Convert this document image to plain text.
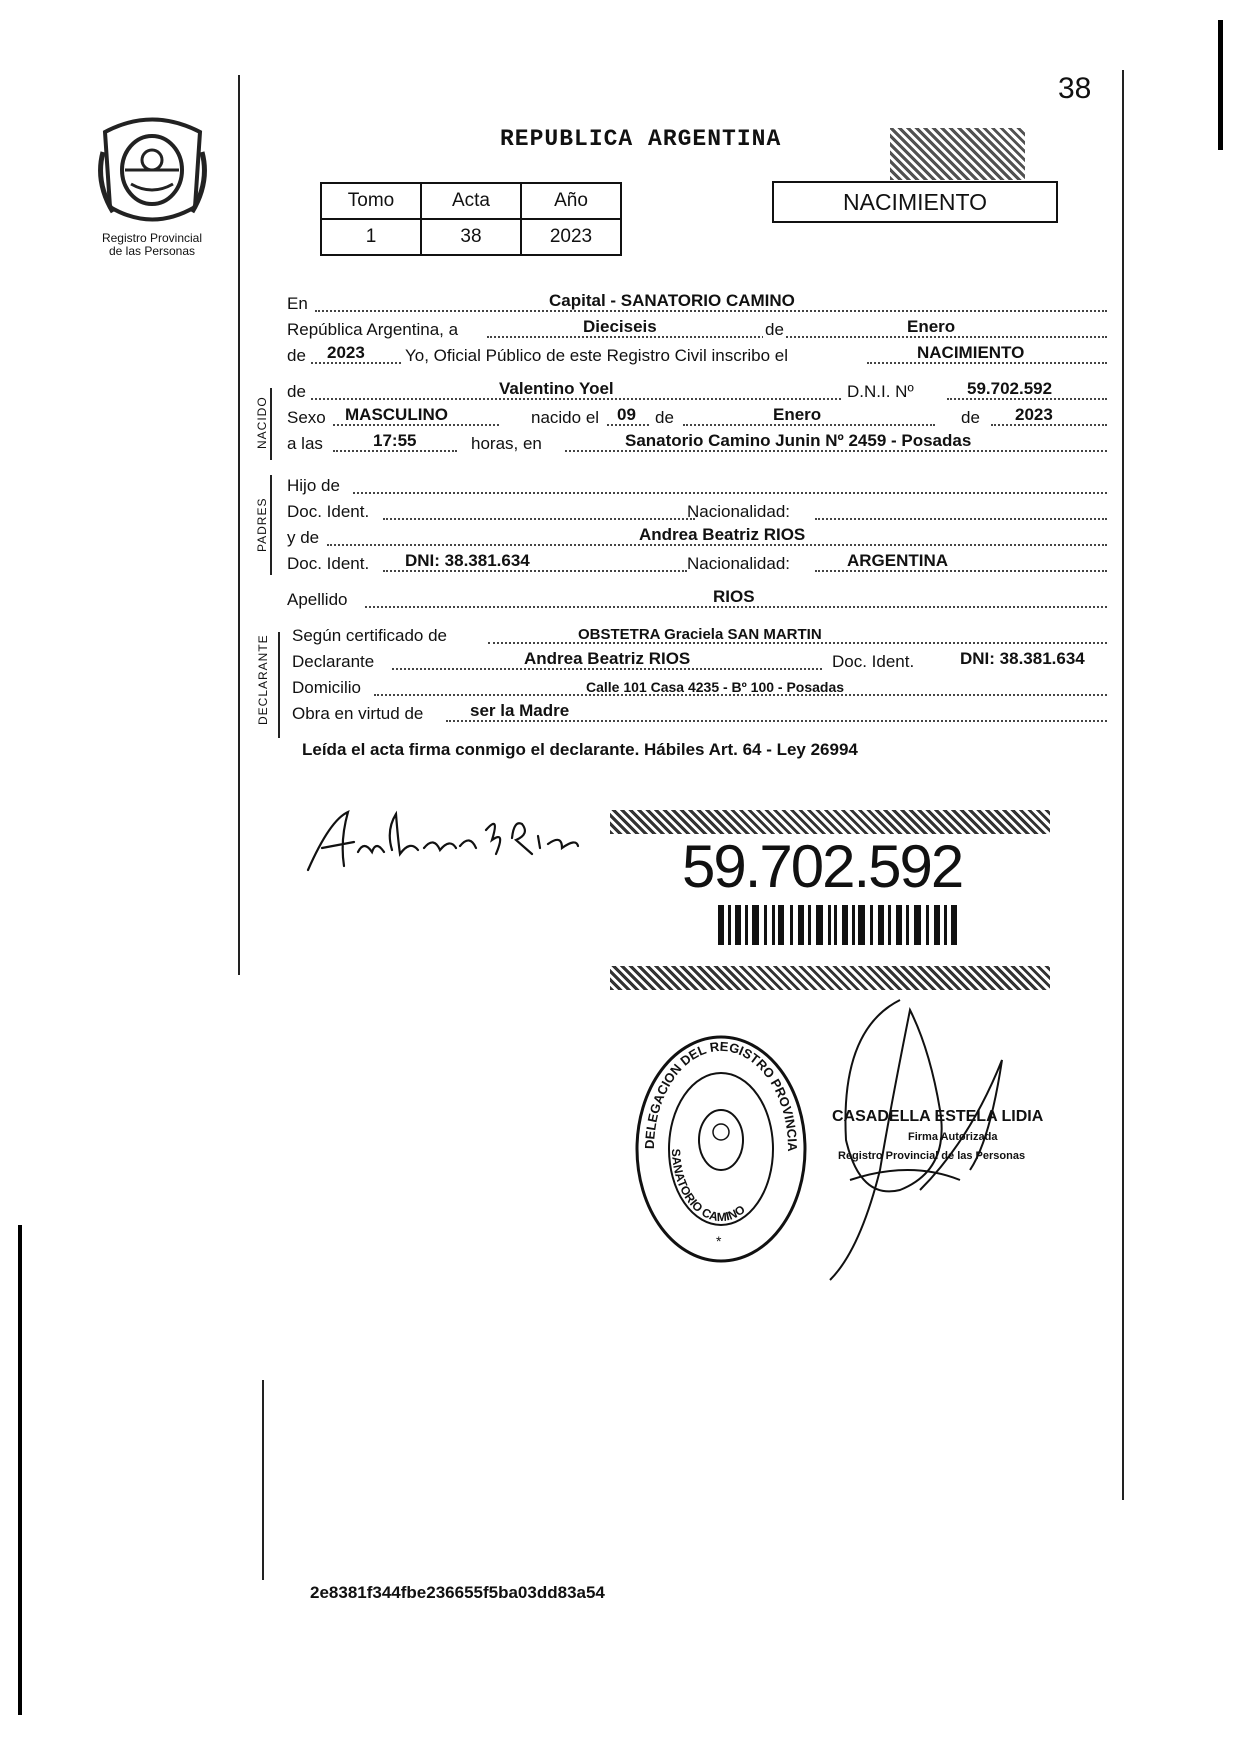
38
Registro Provincial
de las Personas
REPUBLICA ARGENTINA
Tomo	Acta	Año
1	38	2023
NACIMIENTO
NACIDO
PADRES
DECLARANTE
En	Capital - SANATORIO CAMINO
República Argentina, a	Dieciseis	de	Enero
de 2023 Yo, Oficial Público de este Registro Civil inscribo el	NACIMIENTO
de	Valentino Yoel	D.N.I. Nº	59.702.592
Sexo MASCULINO	nacido el 09 de	Enero	de 2023
a las	17:55	horas, en	Sanatorio Camino Junin Nº 2459 - Posadas
Hijo de
Doc. Ident.	Nacionalidad:
y de	Andrea Beatriz RIOS
Doc. Ident. DNI: 38.381.634	Nacionalidad:	ARGENTINA
Apellido	RIOS
Según certificado de	OBSTETRA Graciela SAN MARTIN
Declarante	Andrea Beatriz RIOS	Doc. Ident.	DNI: 38.381.634
Domicilio	Calle 101 Casa 4235 - Bº 100 - Posadas
Obra en virtud de	ser la Madre
Leída el acta firma conmigo el declarante. Hábiles Art. 64 - Ley 26994
59.702.592
DELEGACION DEL REGISTRO PROVINCIA
SANATORIO CAMINO
*
CASADELLA ESTELA LIDIA
Firma Autorizada
Registro Provincial de las Personas
2e8381f344fbe236655f5ba03dd83a54
